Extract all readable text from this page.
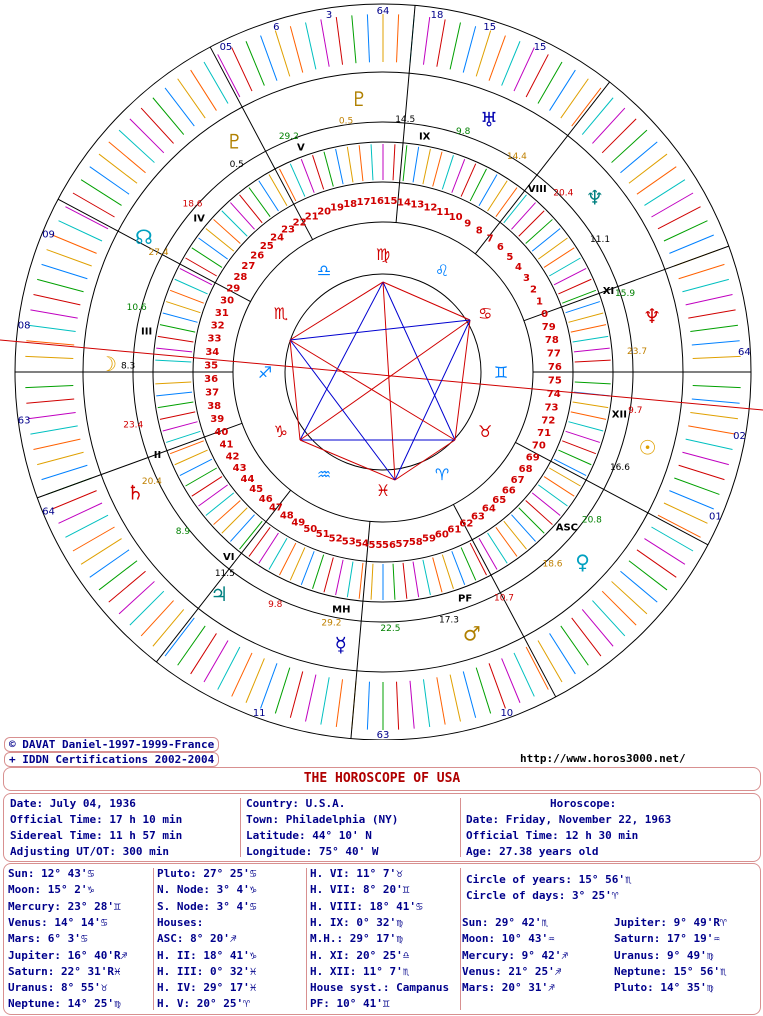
20
19 18 17 16 15 14 13 12
11
10
9
8
7
6
5
4
3
2
1
0
79
78
77
76
75
74
73
72
71
70
69
68
67
66
65
64
63
62
61
60
59
58
57
56
55
54
53
52
51
50
49
48
47
46
45
44
43
42
41
40
39
38
37
36
35
34
33
32
31
30
29
28
27
26
25
24
23
22
21
♍
♌
♋
♊
♉
♈
♓
♒
♑
♐
♏
♎
05
6
3	64	18
15
15
64
02
01
10
63
11
64
63
08
09
IX
VIII
XI
XII
ASC
PF
MH
VI
II
III
IV
V
♇
♅
♆
♆
☉
♀
♂
☿
♃
♄
☽
☊
♇
14.5
9.8
14.4
20.4
11.1
15.9
23.7
9.7
16.6
20.8
18.6
10.7
17.3
22.5
29.2
9.8
11.5
8.9
20.4
23.4
8.3
10.6
27.4
18.6
0.5
29.2
0.5
© DAVAT Daniel-1997-1999-France
+ IDDN Certifications 2002-2004	http://www.horos3000.net/
THE HOROSCOPE OF USA
Date: July 04, 1936
Official Time: 17 h 10 min
Sidereal Time: 11 h 57 min
Adjusting UT/OT: 300 min
Country: U.S.A.
Town: Philadelphia (NY)
Latitude: 44° 10' N
Longitude: 75° 40' W
Horoscope:
Date: Friday, November 22, 1963
Official Time: 12 h 30 min
Age: 27.38 years old
Sun: 12° 43'♋
Moon: 15° 2'♑
Mercury: 23° 28'♊
Venus: 14° 14'♋
Mars: 6° 3'♋
Jupiter: 16° 40'R♐
Saturn: 22° 31'R♓
Uranus: 8° 55'♉
Neptune: 14° 25'♍
Pluto: 27° 25'♋
N. Node: 3° 4'♑
S. Node: 3° 4'♋
Houses:
ASC: 8° 20'♐
H. II: 18° 41'♑
H. III: 0° 32'♓
H. IV: 29° 17'♓
H. V: 20° 25'♈
H. VI: 11° 7'♉
H. VII: 8° 20'♊
H. VIII: 18° 41'♋
H. IX: 0° 32'♍
M.H.: 29° 17'♍
H. XI: 20° 25'♎
H. XII: 11° 7'♏
House syst.: Campanus
PF: 10° 41'♊
Circle of years: 15° 56'♏
Circle of days: 3° 25'♈
Sun: 29° 42'♏
Moon: 10° 43'♒
Mercury: 9° 42'♐
Venus: 21° 25'♐
Mars: 20° 31'♐
Jupiter: 9° 49'R♈
Saturn: 17° 19'♒
Uranus: 9° 49'♍
Neptune: 15° 56'♏
Pluto: 14° 35'♍
